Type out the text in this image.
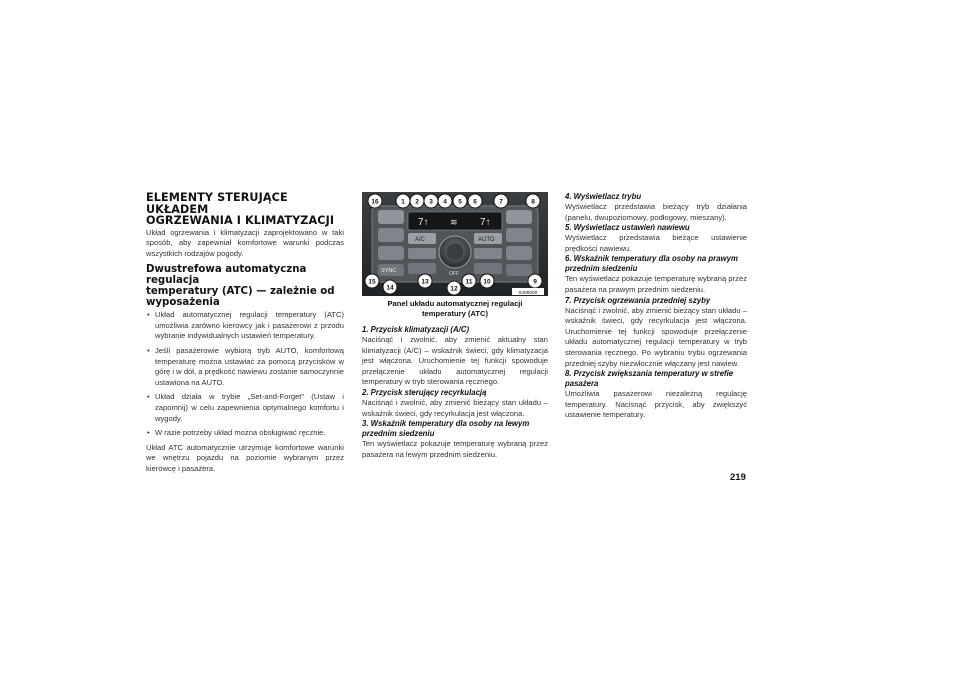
ELEMENTY STERUJĄCE UKŁADEM
OGRZEWANIA I KLIMATYZACJI

Układ ogrzewania i klimatyzacji zaprojektowano w taki sposób, aby zapewniał komfortowe warunki podczas wszystkich rodzajów pogody.

Dwustrefowa automatyczna regulacja
temperatury (ATC) — zależnie od
wyposażenia
• Układ automatycznej regulacji temperatury (ATC) umożliwia zarówno kierowcy jak i pasażerowi z przodu wybranie indywidualnych ustawień temperatury.
• Jeśli pasażerowie wybiorą tryb AUTO, komfortową temperaturę można ustawiać za pomocą przycisków w górę i w dół, a prędkość nawiewu zostanie samoczynnie ustawiona na AUTO.
• Układ działa w trybie „Set-and-Forget” (Ustaw i zapomnij) w celu zapewnienia optymalnego komfortu i wygody.
• W razie potrzeby układ można obsługiwać ręcznie.

Układ ATC automatycznie utrzymuje komfortowe warunki we wnętrzu pojazdu na poziomie wybranym przez kierowcę i pasażera.

7↑ ≋ 7↑
A/C	AUTO
OFF
SYNC
16	1 2 3 4 5 6	7	8
15
14
13	11 10
12
9
0406000
Panel układu automatycznej regulacji
temperatury (ATC)
1. Przycisk klimatyzacji (A/C)
Naciśnąć i zwolnić, aby zmienić aktualny stan klimatyzacji (A/C) – wskaźnik świeci, gdy klimatyzacja jest włączona. Uruchomienie tej funkcji spowoduje przełączenie układu automatycznej regulacji temperatury w tryb sterowania ręcznego.
2. Przycisk sterujący recyrkulacją
Naciśnąć i zwolnić, aby zmienić bieżący stan układu – wskaźnik świeci, gdy recyrkulacja jest włączona.
3. Wskaźnik temperatury dla osoby na lewym przednim siedzeniu
Ten wyświetlacz pokazuje temperaturę wybraną przez pasażera na lewym przednim siedzeniu.
4. Wyświetlacz trybu
Wyświetlacz przedstawia bieżący tryb działania (panelu, dwupoziomowy, podłogowy, mieszany).
5. Wyświetlacz ustawień nawiewu
Wyświetlacz przedstawia bieżące ustawienie prędkości nawiewu.
6. Wskaźnik temperatury dla osoby na prawym przednim siedzeniu
Ten wyświetlacz pokazuje temperaturę wybraną przez pasażera na prawym przednim siedzeniu.
7. Przycisk ogrzewania przedniej szyby
Naciśnąć i zwolnić, aby zmienić bieżący stan układu – wskaźnik świeci, gdy recyrkulacja jest włączona. Uruchomienie tej funkcji spowoduje przełączenie układu automatycznej regulacji temperatury w tryb sterowania ręcznego. Po wybraniu trybu ogrzewania przedniej szyby niezwłocznie włączany jest nawiew.
8. Przycisk zwiększania temperatury w strefie pasażera
Umożliwia pasażerowi niezależną regulację temperatury. Nacisnąć przycisk, aby zwiększyć ustawienie temperatury.
219
